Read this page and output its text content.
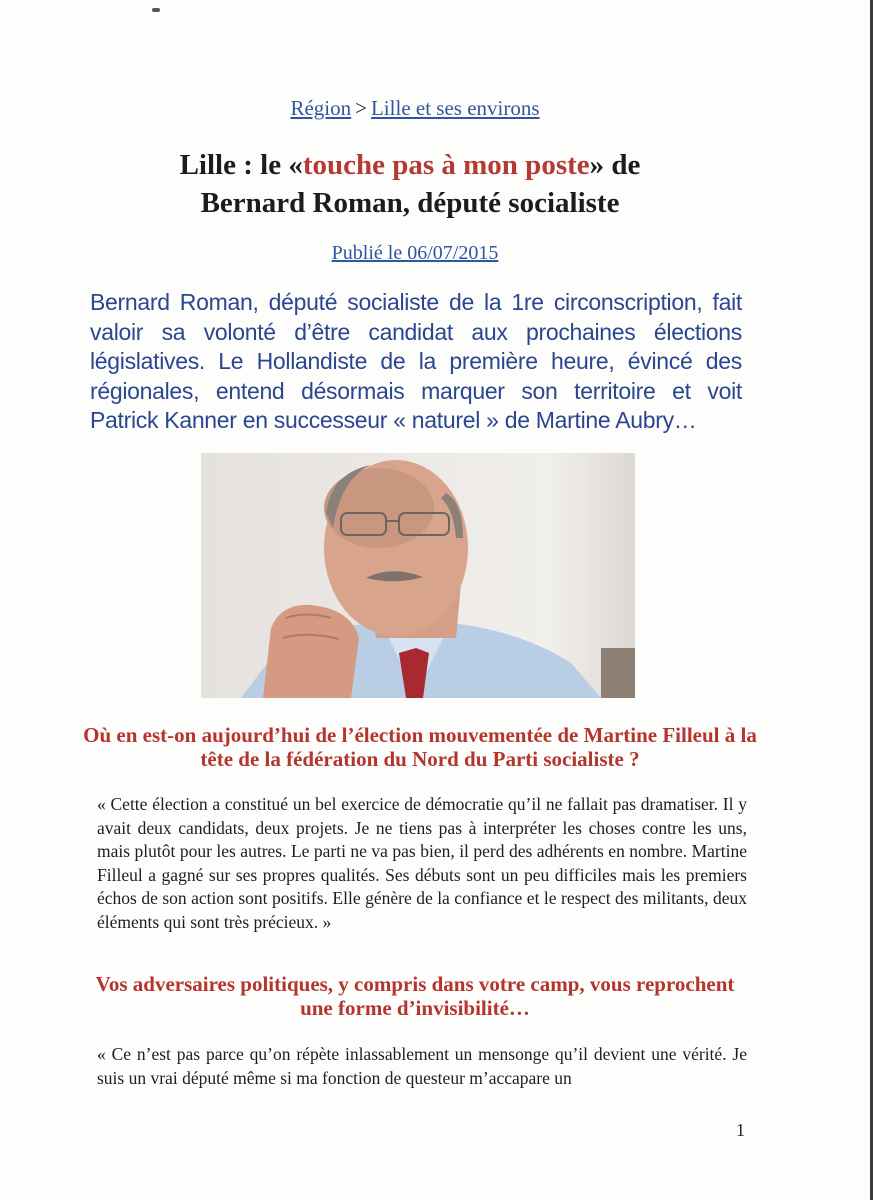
Région > Lille et ses environs
Lille : le «touche pas à mon poste» de
Bernard Roman, député socialiste
Publié le 06/07/2015
Bernard Roman, député socialiste de la 1re circonscription, fait valoir sa volonté d’être candidat aux prochaines élections législatives. Le Hollandiste de la première heure, évincé des régionales, entend désormais marquer son territoire et voit Patrick Kanner en successeur « naturel » de Martine Aubry…
Où en est-on aujourd’hui de l’élection mouvementée de Martine Filleul à la tête de la fédération du Nord du Parti socialiste ?
« Cette élection a constitué un bel exercice de démocratie qu’il ne fallait pas dramatiser. Il y avait deux candidats, deux projets. Je ne tiens pas à interpréter les choses contre les uns, mais plutôt pour les autres. Le parti ne va pas bien, il perd des adhérents en nombre. Martine Filleul a gagné sur ses propres qualités. Ses débuts sont un peu difficiles mais les premiers échos de son action sont positifs. Elle génère de la confiance et le respect des militants, deux éléments qui sont très précieux. »
Vos adversaires politiques, y compris dans votre camp, vous reprochent une forme d’invisibilité…
« Ce n’est pas parce qu’on répète inlassablement un mensonge qu’il devient une vérité. Je suis un vrai député même si ma fonction de questeur m’accapare un
1
